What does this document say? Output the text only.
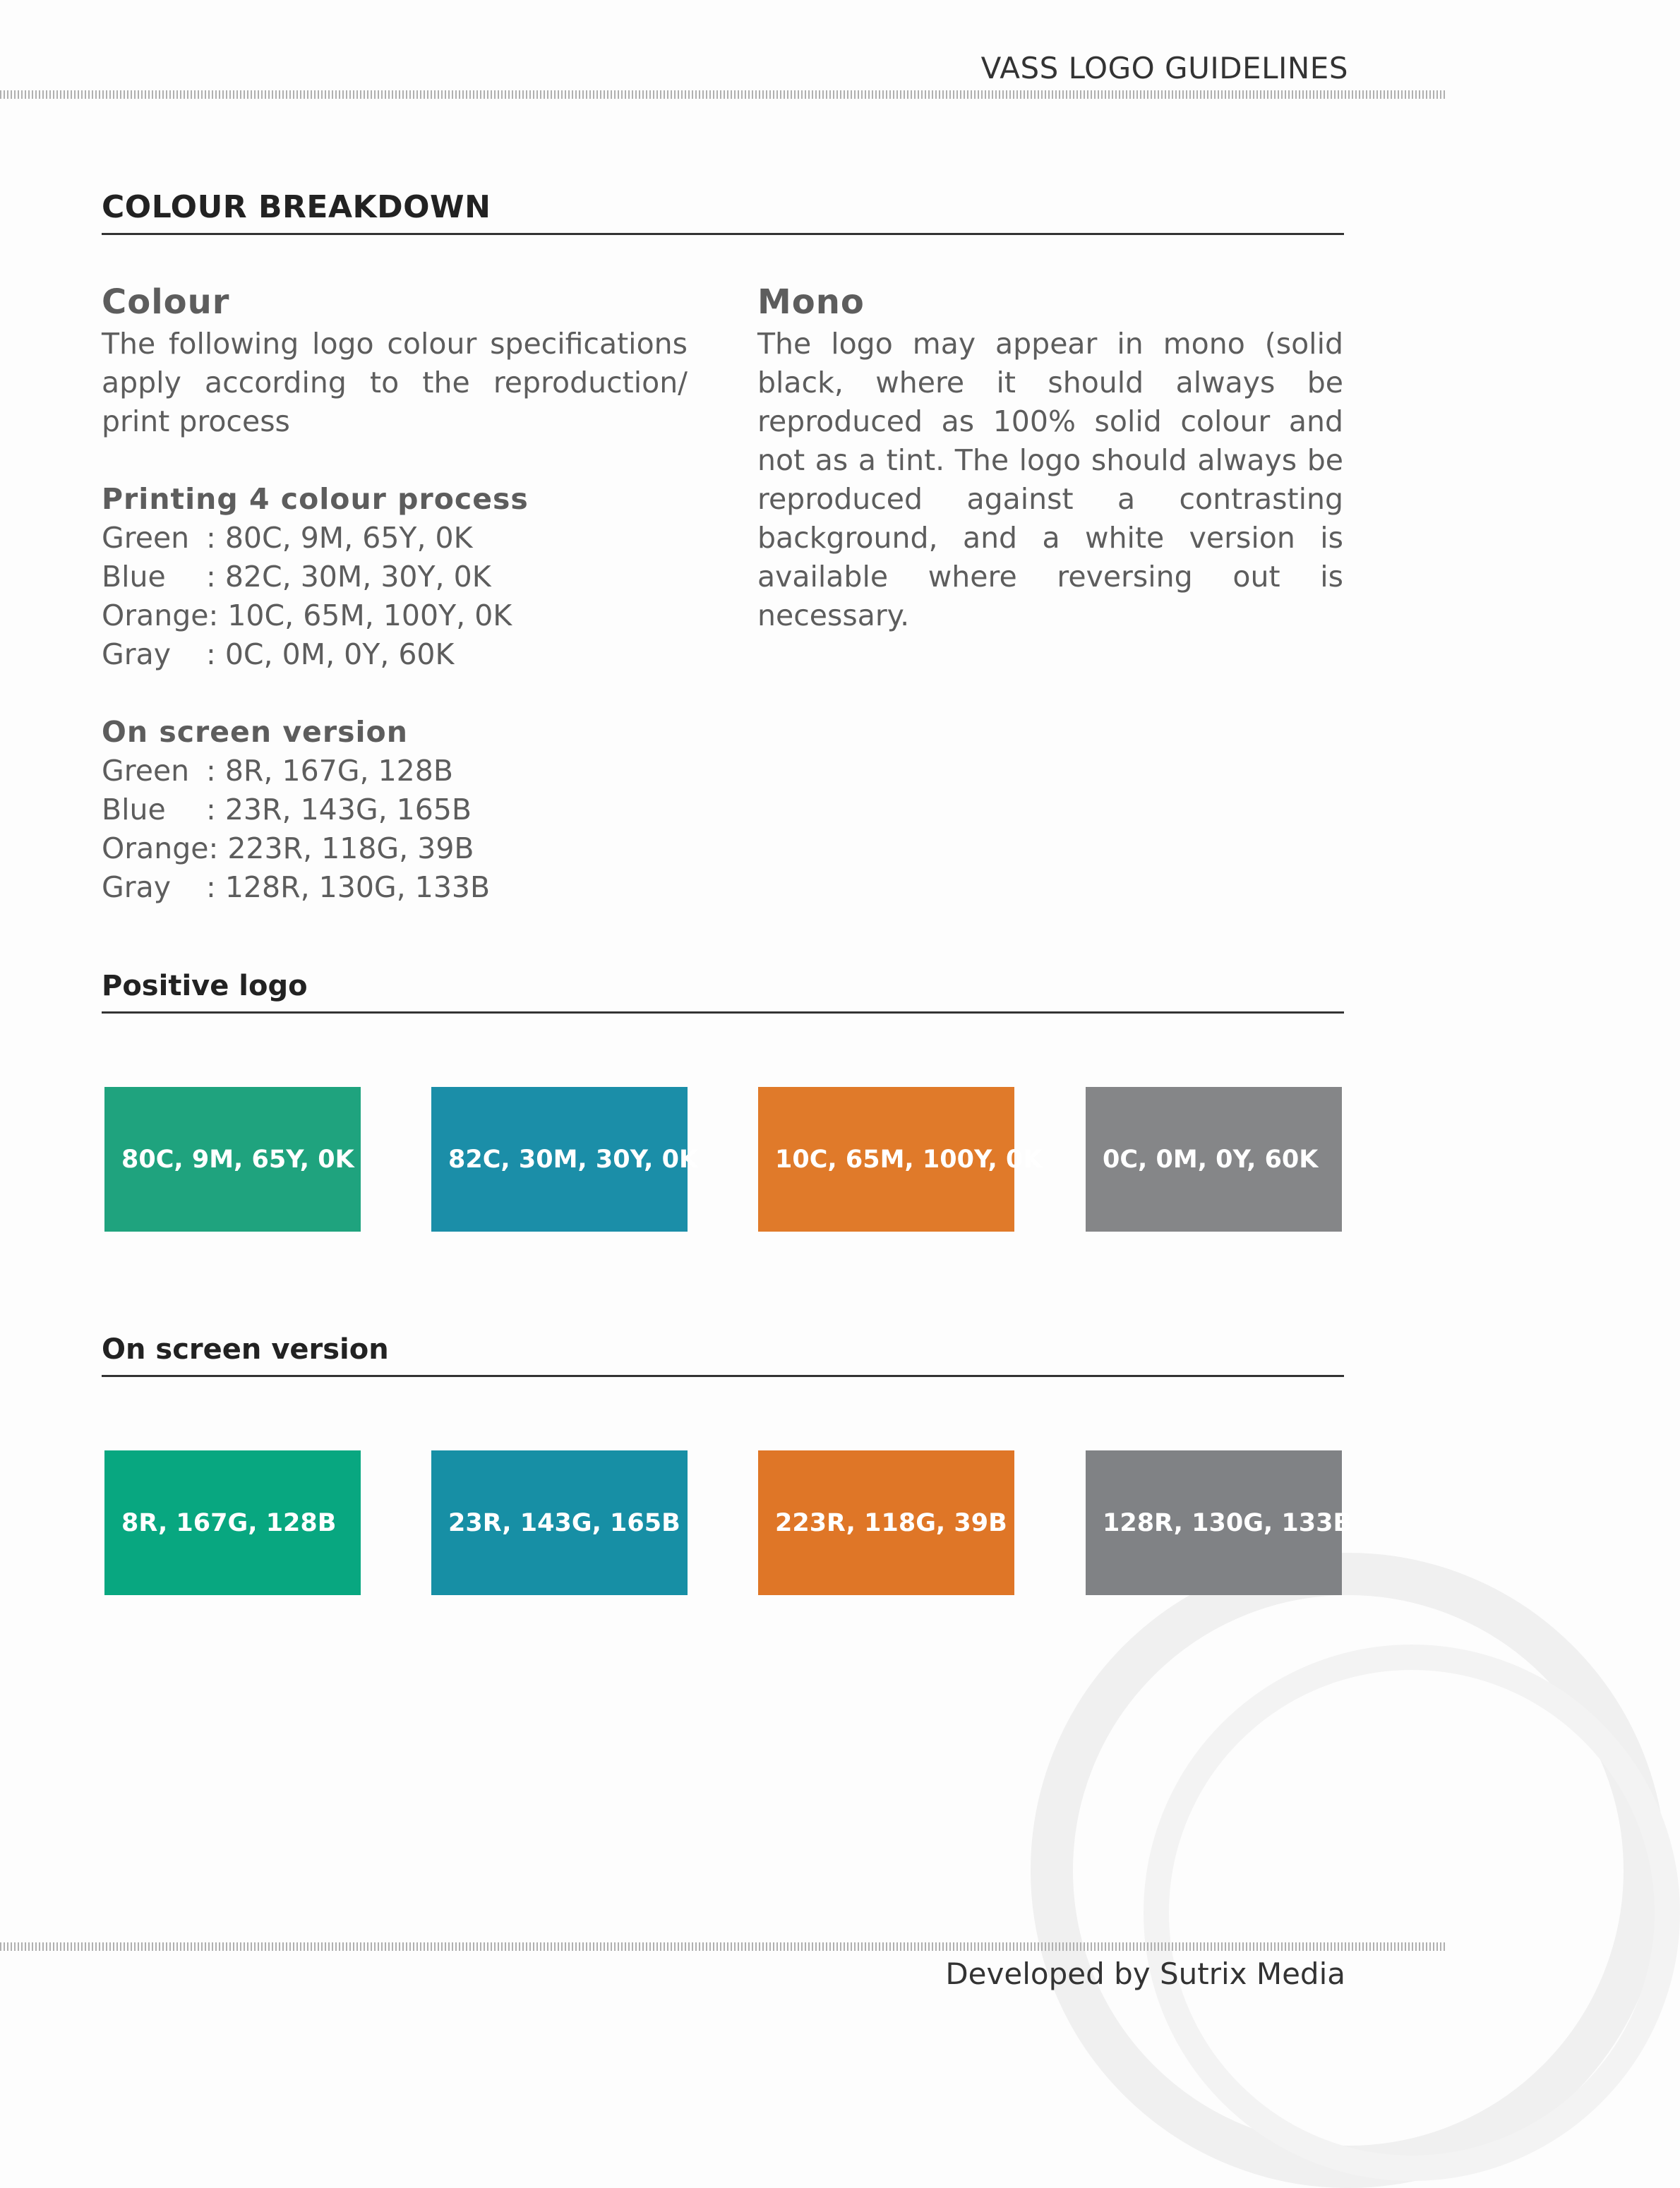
VASS LOGO GUIDELINES
COLOUR BREAKDOWN
Colour

The following logo colour specifications apply according to the reproduction/ print process

Printing 4 colour process

Green : 80C, 9M, 65Y, 0K

Blue : 82C, 30M, 30Y, 0K

Orange: 10C, 65M, 100Y, 0K

Gray : 0C, 0M, 0Y, 60K

On screen version

Green : 8R, 167G, 128B

Blue : 23R, 143G, 165B

Orange: 223R, 118G, 39B

Gray : 128R, 130G, 133B

Mono

The logo may appear in mono (solid black, where it should always be reproduced as 100% solid colour and not as a tint. The logo should always be reproduced against a contrasting background, and a white version is available where reversing out is necessary.

Positive logo
80C, 9M, 65Y, 0K	82C, 30M, 30Y, 0K	10C, 65M, 100Y, 0K 0C, 0M, 0Y, 60K
On screen version
8R, 167G, 128B	23R, 143G, 165B	223R, 118G, 39B	128R, 130G, 133B
Developed by Sutrix Media
